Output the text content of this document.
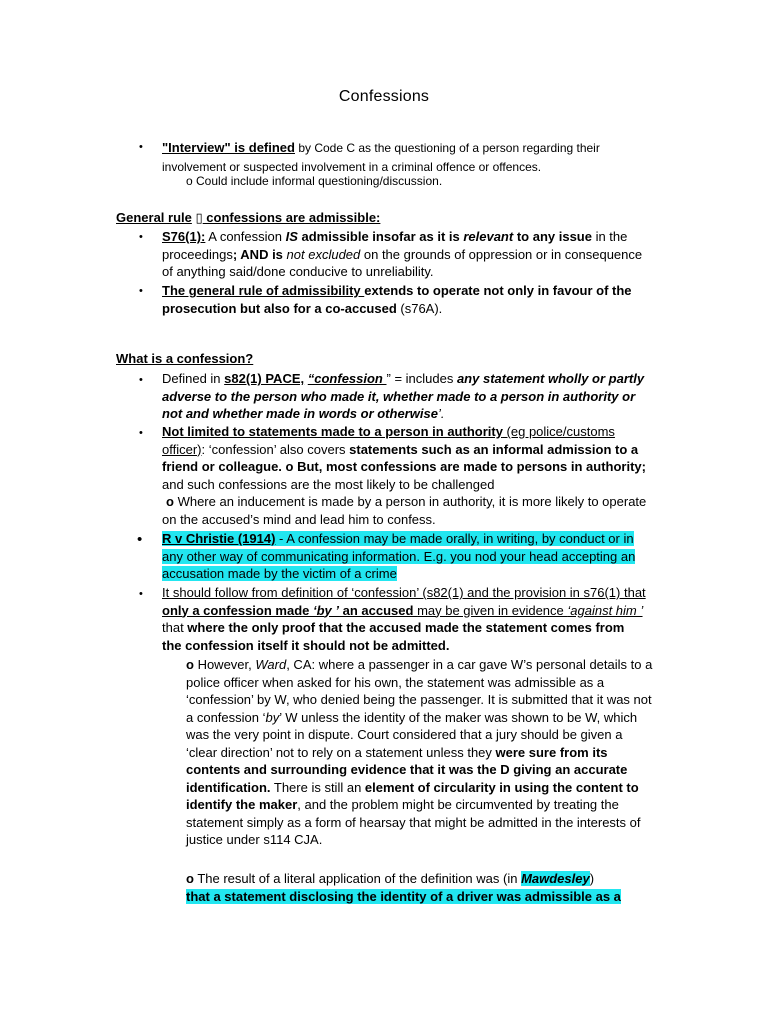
Confessions
•	"Interview" is defined by Code C as the questioning of a person regarding their involvement or suspected involvement in a criminal offence or offences.

o Could include informal questioning/discussion.
General rule ▯ confessions are admissible:
•	S76(1): A confession IS admissible insofar as it is relevant to any issue in the proceedings; AND is not excluded on the grounds of oppression or in consequence of anything said/done conducive to unreliability.

•	The general rule of admissibility extends to operate not only in favour of the prosecution but also for a co-accused (s76A).

What is a confession?
•	Defined in s82(1) PACE, “confession ” = includes any statement wholly or partly adverse to the person who made it, whether made to a person in authority or not and whether made in words or otherwise’.

•	Not limited to statements made to a person in authority (eg police/customs officer): ‘confession’ also covers statements such as an informal admission to a friend or colleague. o But, most confessions are made to persons in authority; and such confessions are the most likely to be challenged

o Where an inducement is made by a person in authority, it is more likely to operate on the accused’s mind and lead him to confess.

•	R v Christie (1914) - A confession may be made orally, in writing, by conduct or in any other way of communicating information. E.g. you nod your head accepting an accusation made by the victim of a crime

•	It should follow from definition of ‘confession’ (s82(1) and the provision in s76(1) that only a confession made ‘by ’ an accused may be given in evidence ‘against him ’ that where the only proof that the accused made the statement comes from the confession itself it should not be admitted.

o However, Ward, CA: where a passenger in a car gave W’s personal details to a police officer when asked for his own, the statement was admissible as a ‘confession’ by W, who denied being the passenger. It is submitted that it was not a confession ‘by’ W unless the identity of the maker was shown to be W, which was the very point in dispute. Court considered that a jury should be given a ‘clear direction’ not to rely on a statement unless they were sure from its contents and surrounding evidence that it was the D giving an accurate identification. There is still an element of circularity in using the content to identify the maker, and the problem might be circumvented by treating the statement simply as a form of hearsay that might be admitted in the interests of justice under s114 CJA.

o The result of a literal application of the definition was (in Mawdesley)

that a statement disclosing the identity of a driver was admissible as a
